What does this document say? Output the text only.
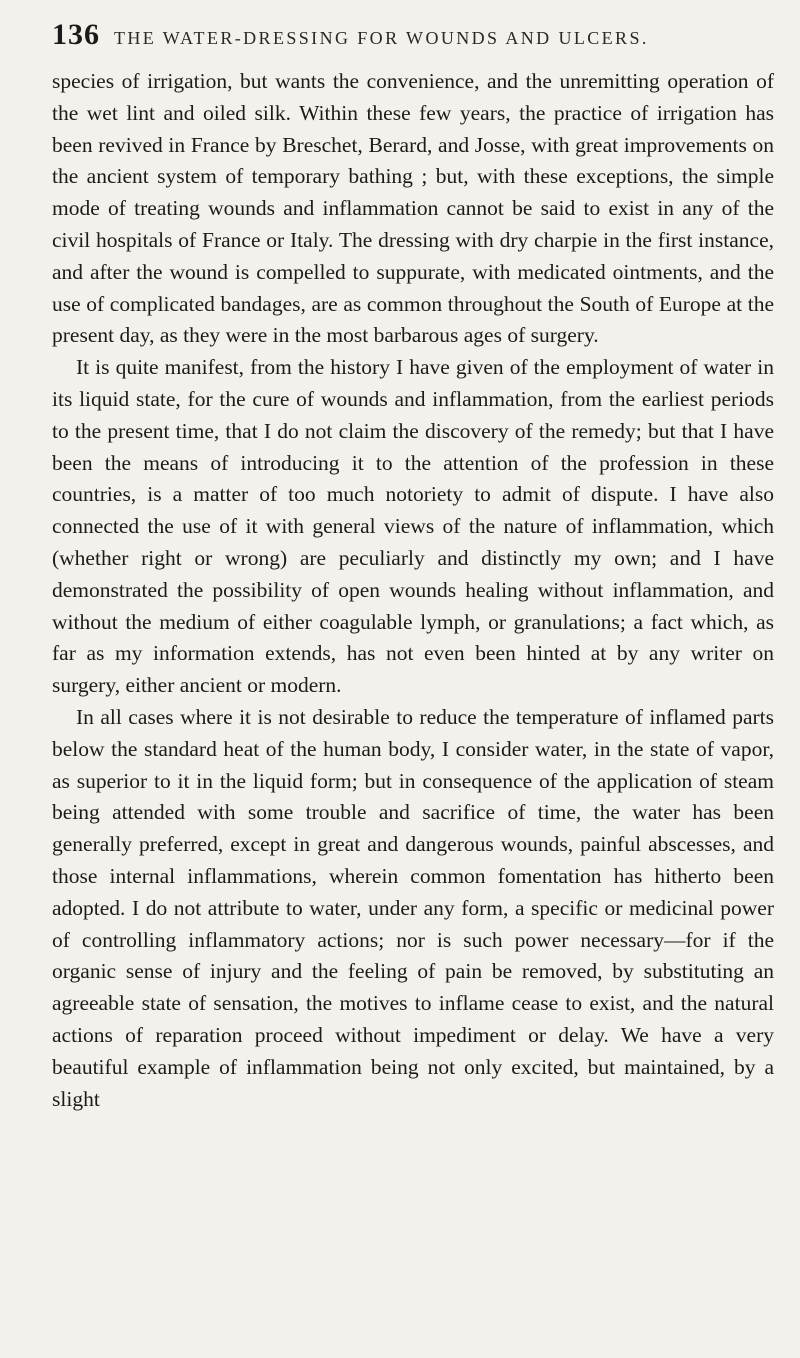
136 THE WATER-DRESSING FOR WOUNDS AND ULCERS.

species of irrigation, but wants the convenience, and the unremitting operation of the wet lint and oiled silk. Within these few years, the practice of irrigation has been revived in France by Breschet, Berard, and Josse, with great improvements on the ancient system of temporary bathing ; but, with these exceptions, the simple mode of treating wounds and inflammation cannot be said to exist in any of the civil hospitals of France or Italy. The dressing with dry charpie in the first instance, and after the wound is compelled to suppurate, with medicated ointments, and the use of complicated bandages, are as common throughout the South of Europe at the present day, as they were in the most barbarous ages of surgery.

It is quite manifest, from the history I have given of the employment of water in its liquid state, for the cure of wounds and inflammation, from the earliest periods to the present time, that I do not claim the discovery of the remedy; but that I have been the means of introducing it to the attention of the profession in these countries, is a matter of too much notoriety to admit of dispute. I have also connected the use of it with general views of the nature of inflammation, which (whether right or wrong) are peculiarly and distinctly my own; and I have demonstrated the possibility of open wounds healing without inflammation, and without the medium of either coagulable lymph, or granulations; a fact which, as far as my information extends, has not even been hinted at by any writer on surgery, either ancient or modern.

In all cases where it is not desirable to reduce the temperature of inflamed parts below the standard heat of the human body, I consider water, in the state of vapor, as superior to it in the liquid form; but in consequence of the application of steam being attended with some trouble and sacrifice of time, the water has been generally preferred, except in great and dangerous wounds, painful abscesses, and those internal inflammations, wherein common fomentation has hitherto been adopted. I do not attribute to water, under any form, a specific or medicinal power of controlling inflammatory actions; nor is such power necessary—for if the organic sense of injury and the feeling of pain be removed, by substituting an agreeable state of sensation, the motives to inflame cease to exist, and the natural actions of reparation proceed without impediment or delay. We have a very beautiful example of inflammation being not only excited, but maintained, by a slight
